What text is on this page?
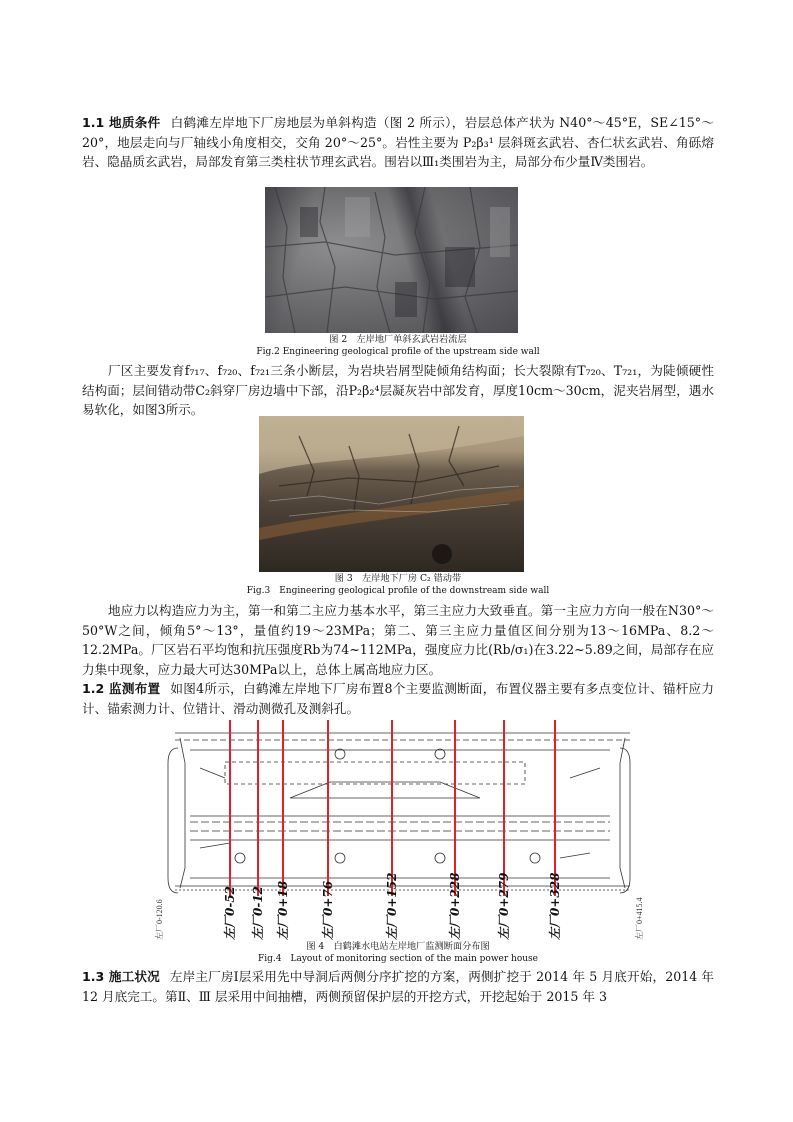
1.1 地质条件 白鹤滩左岸地下厂房地层为单斜构造（图 2 所示），岩层总体产状为 N40°～45°E，SE∠15°～20°，地层走向与厂轴线小角度相交，交角 20°～25°。岩性主要为 P₂β₃¹ 层斜斑玄武岩、杏仁状玄武岩、角砾熔岩、隐晶质玄武岩，局部发育第三类柱状节理玄武岩。围岩以Ⅲ₁类围岩为主，局部分布少量Ⅳ类围岩。

图 2　左岸地厂单斜玄武岩岩流层

Fig.2 Engineering geological profile of the upstream side wall

厂区主要发育f₇₁₇、f₇₂₀、f₇₂₁三条小断层，为岩块岩屑型陡倾角结构面；长大裂隙有T₇₂₀、T₇₂₁，为陡倾硬性结构面；层间错动带C₂斜穿厂房边墙中下部，沿P₂β₂⁴层凝灰岩中部发育，厚度10cm～30cm，泥夹岩屑型，遇水易软化，如图3所示。

图 3　左岸地下厂房 C₂ 错动带

Fig.3　Engineering geological profile of the downstream side wall

地应力以构造应力为主，第一和第二主应力基本水平，第三主应力大致垂直。第一主应力方向一般在N30°～50°W之间，倾角5°～13°，量值约19～23MPa；第二、第三主应力量值区间分别为13～16MPa、8.2～12.2MPa。厂区岩石平均饱和抗压强度Rb为74~112MPa，强度应力比(Rb/σ₁)在3.22~5.89之间，局部存在应力集中现象，应力最大可达30MPa以上，总体上属高地应力区。

1.2 监测布置 如图4所示，白鹤滩左岸地下厂房布置8个主要监测断面，布置仪器主要有多点变位计、锚杆应力计、锚索测力计、位错计、滑动测微孔及测斜孔。

左厂0-120.6	左厂0+415.4
左厂0-52 左厂0-12 左厂0+18	左厂0+76	左厂0+152	左厂0+228	左厂0+279	左厂0+328

图 4　白鹤滩水电站左岸地厂监测断面分布图

Fig.4　Layout of monitoring section of the main power house

1.3 施工状况 左岸主厂房Ⅰ层采用先中导洞后两侧分序扩挖的方案，两侧扩挖于 2014 年 5 月底开始，2014 年 12 月底完工。第Ⅱ、Ⅲ 层采用中间抽槽，两侧预留保护层的开挖方式，开挖起始于 2015 年 3
